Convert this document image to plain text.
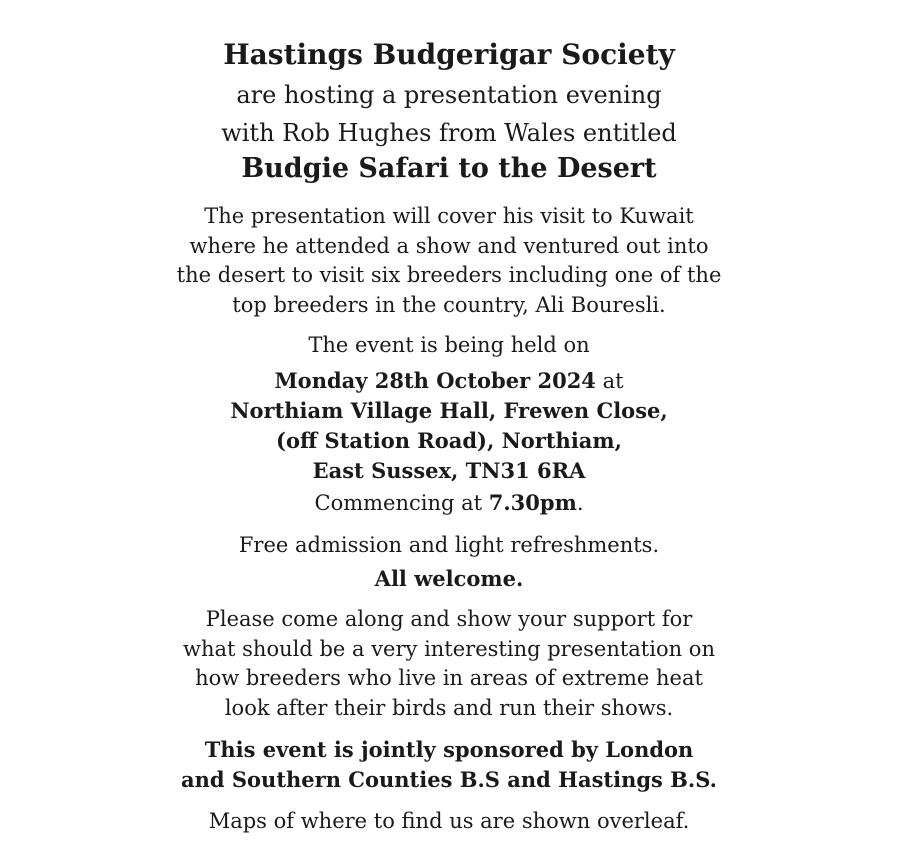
Hastings Budgerigar Society
are hosting a presentation evening
with Rob Hughes from Wales entitled
Budgie Safari to the Desert
The presentation will cover his visit to Kuwait
where he attended a show and ventured out into
the desert to visit six breeders including one of the
top breeders in the country, Ali Bouresli.
The event is being held on
Monday 28th October 2024 at
Northiam Village Hall, Frewen Close,
(off Station Road), Northiam,
East Sussex, TN31 6RA
Commencing at 7.30pm.
Free admission and light refreshments.
All welcome.
Please come along and show your support for
what should be a very interesting presentation on
how breeders who live in areas of extreme heat
look after their birds and run their shows.
This event is jointly sponsored by London
and Southern Counties B.S and Hastings B.S.
Maps of where to find us are shown overleaf.
